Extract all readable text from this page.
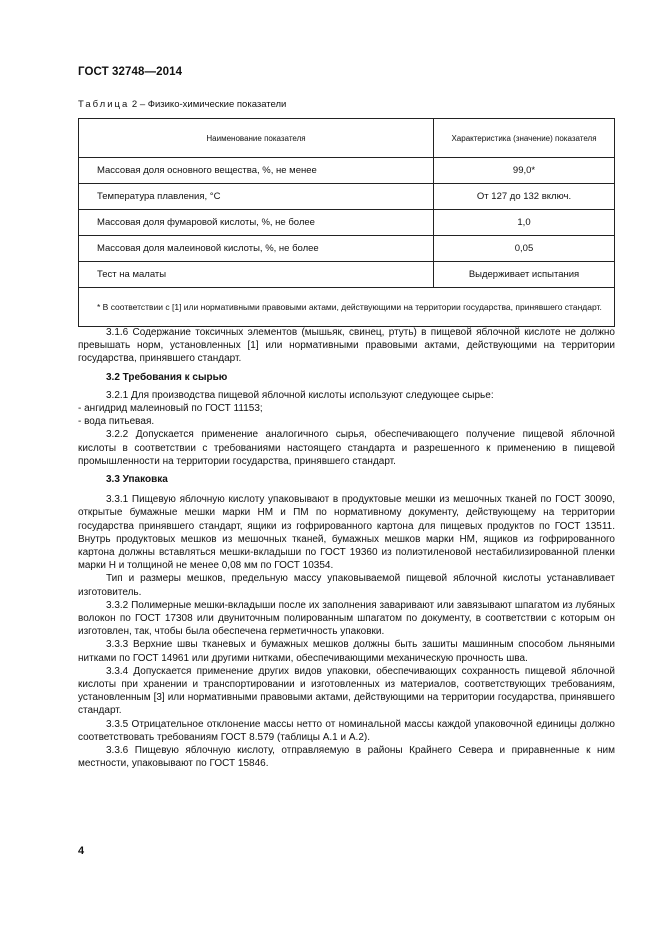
ГОСТ 32748—2014
Таблица 2 – Физико-химические показатели
Наименование показателя	Характеристика (значение) показателя
Массовая доля основного вещества, %, не менее	99,0*
Температура плавления, °С	От 127 до 132 включ.
Массовая доля фумаровой кислоты, %, не более	1,0
Массовая доля малеиновой кислоты, %, не более	0,05
Тест на малаты	Выдерживает испытания
* В соответствии с [1] или нормативными правовыми актами, действующими на территории государства, принявшего стандарт.	

3.1.6 Содержание токсичных элементов (мышьяк, свинец, ртуть) в пищевой яблочной кислоте не должно превышать норм, установленных [1] или нормативными правовыми актами, действующими на территории государства, принявшего стандарт.

3.2 Требования к сырью

3.2.1 Для производства пищевой яблочной кислоты используют следующее сырье:

- ангидрид малеиновый по ГОСТ 11153;

- вода питьевая.

3.2.2 Допускается применение аналогичного сырья, обеспечивающего получение пищевой яблочной кислоты в соответствии с требованиями настоящего стандарта и разрешенного к применению в пищевой промышленности на территории государства, принявшего стандарт.

3.3 Упаковка

3.3.1 Пищевую яблочную кислоту упаковывают в продуктовые мешки из мешочных тканей по ГОСТ 30090, открытые бумажные мешки марки НМ и ПМ по нормативному документу, действующему на территории государства принявшего стандарт, ящики из гофрированного картона для пищевых продуктов по ГОСТ 13511. Внутрь продуктовых мешков из мешочных тканей, бумажных мешков марки НМ, ящиков из гофрированного картона должны вставляться мешки-вкладыши по ГОСТ 19360 из полиэтиленовой нестабилизированной пленки марки Н и толщиной не менее 0,08 мм по ГОСТ 10354.

Тип и размеры мешков, предельную массу упаковываемой пищевой яблочной кислоты устанавливает изготовитель.

3.3.2 Полимерные мешки-вкладыши после их заполнения заваривают или завязывают шпагатом из лубяных волокон по ГОСТ 17308 или двуниточным полированным шпагатом по документу, в соответствии с которым он изготовлен, так, чтобы была обеспечена герметичность упаковки.

3.3.3 Верхние швы тканевых и бумажных мешков должны быть зашиты машинным способом льняными нитками по ГОСТ 14961 или другими нитками, обеспечивающими механическую прочность шва.

3.3.4 Допускается применение других видов упаковки, обеспечивающих сохранность пищевой яблочной кислоты при хранении и транспортировании и изготовленных из материалов, соответствующих требованиям, установленным [3] или нормативными правовыми актами, действующими на территории государства, принявшего стандарт.

3.3.5 Отрицательное отклонение массы нетто от номинальной массы каждой упаковочной единицы должно соответствовать требованиям ГОСТ 8.579 (таблицы А.1 и А.2).

3.3.6 Пищевую яблочную кислоту, отправляемую в районы Крайнего Севера и приравненные к ним местности, упаковывают по ГОСТ 15846.

4
